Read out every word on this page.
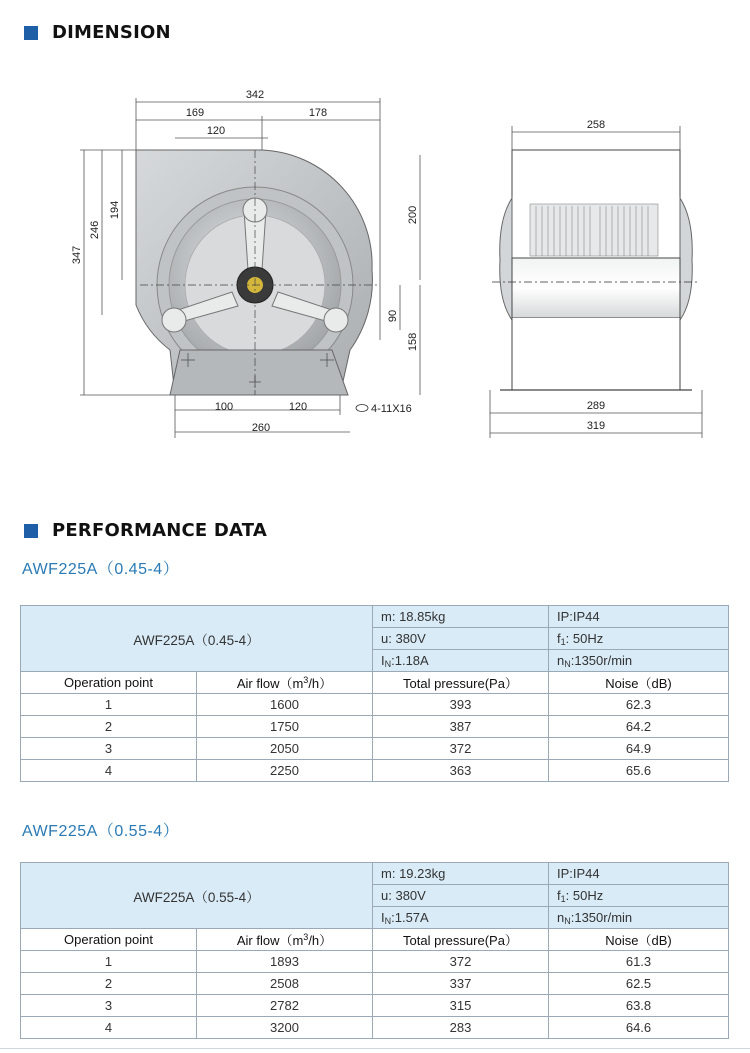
DIMENSION
342
169	178
120
347
246
194	200
90
158
100	120
260
4-11X16
258
289
319
PERFORMANCE DATA
AWF225A（0.45-4）
AWF225A（0.45-4）		m: 18.85kg	IP:IP44
		u: 380V	$f_1$: 50Hz
		$I_N:1.18A$	$n_N:1350r/\min$
Operation point	Air $flow(m^3/h)$	Total pressure(Pa）	Noise（dB)
1	1600	393	62.3
2	1750	387	64.2
3	2050	372	64.9
4	2250	363	65.6
AWF225A（0.55-4）
AWF225A（0.55-4）		m: 19.23kg	IP:IP44
		u: 380V	$f_1$: 50Hz
		$I_N:1.57A$	$n_N:1350r/\min$
Operation point	Air $flow(m^3/h)$	Total pressure(Pa）	Noise（dB)
1	1893	372	61.3
2	2508	337	62.5
3	2782	315	63.8
4	3200	283	64.6
